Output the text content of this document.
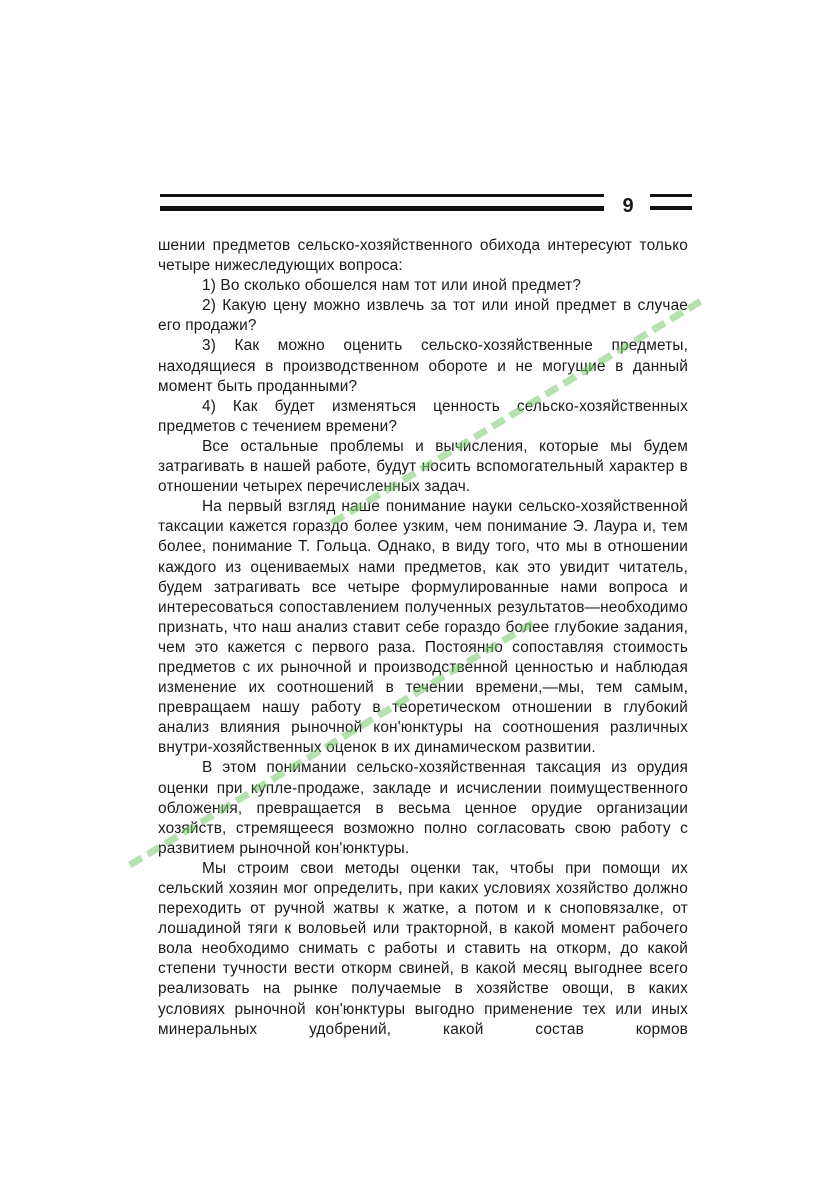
9

шении предметов сельско-хозяйственного обихода интересуют только четыре нижеследующих вопроса:

1) Во сколько обошелся нам тот или иной предмет?

2) Какую цену можно извлечь за тот или иной предмет в случае его продажи?

3) Как можно оценить сельско-хозяйственные предметы, находящиеся в производственном обороте и не могущие в данный момент быть проданными?

4) Как будет изменяться ценность сельско-хозяйственных предметов с течением времени?

Все остальные проблемы и вычисления, которые мы будем затрагивать в нашей работе, будут носить вспомогательный характер в отношении четырех перечисленных задач.

На первый взгляд наше понимание науки сельско-хозяйственной таксации кажется гораздо более узким, чем понимание Э. Лаура и, тем более, понимание Т. Гольца. Однако, в виду того, что мы в отношении каждого из оцениваемых нами предметов, как это увидит читатель, будем затрагивать все четыре формулированные нами вопроса и интересоваться сопоставлением полученных результатов—необходимо признать, что наш анализ ставит себе гораздо более глубокие задания, чем это кажется с первого раза. Постоянно сопоставляя стоимость предметов с их рыночной и производственной ценностью и наблюдая изменение их соотношений в течении времени,—мы, тем самым, превращаем нашу работу в теоретическом отношении в глубокий анализ влияния рыночной кон'юнктуры на соотношения различных внутри-хозяйственных оценок в их динамическом развитии.

В этом понимании сельско-хозяйственная таксация из орудия оценки при купле-продаже, закладе и исчислении поимущественного обложения, превращается в весьма ценное орудие организации хозяйств, стремящееся возможно полно согласовать свою работу с развитием рыночной кон'юнктуры.

Мы строим свои методы оценки так, чтобы при помощи их сельский хозяин мог определить, при каких условиях хозяйство должно переходить от ручной жатвы к жатке, а потом и к сноповязалке, от лошадиной тяги к воловьей или тракторной, в какой момент рабочего вола необходимо снимать с работы и ставить на откорм, до какой степени тучности вести откорм свиней, в какой месяц выгоднее всего реализовать на рынке получаемые в хозяйстве овощи, в каких условиях рыночной кон'юнктуры выгодно применение тех или иных минеральных удобрений, какой состав кормов
